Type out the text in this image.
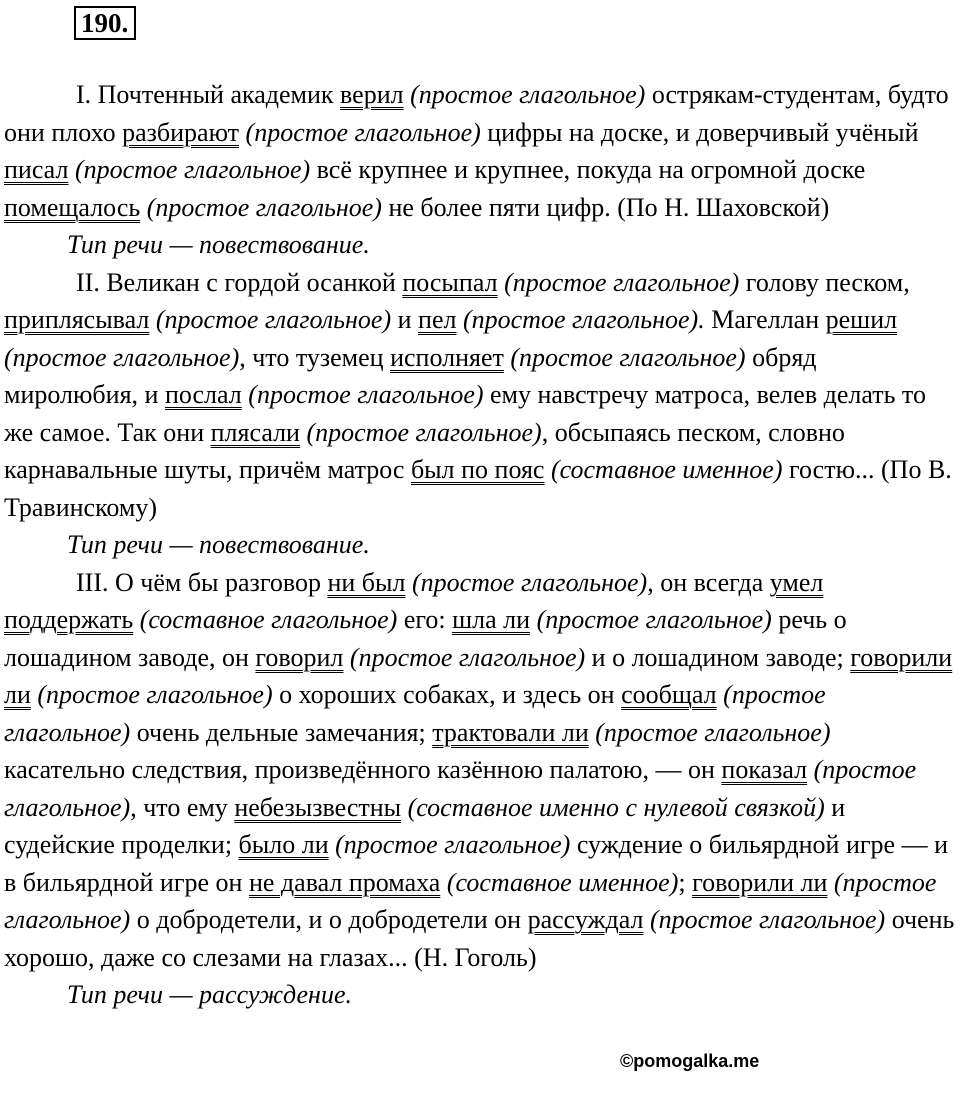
190.

I. Почтенный академик верил (простое глагольное) острякам-студентам, будто они плохо разбирают (простое глагольное) цифры на доске, и доверчивый учёный писал (простое глагольное) всё крупнее и крупнее, покуда на огромной доске помещалось (простое глагольное) не более пяти цифр. (По Н. Шаховской)

Тип речи — повествование.

II. Великан с гордой осанкой посыпал (простое глагольное) голову песком, приплясывал (простое глагольное) и пел (простое глагольное). Магеллан решил (простое глагольное), что туземец исполняет (простое глагольное) обряд миролюбия, и послал (простое глагольное) ему навстречу матроса, велев делать то же самое. Так они плясали (простое глагольное), обсыпаясь песком, словно карнавальные шуты, причём матрос был по пояс (составное именное) гостю... (По В. Травинскому)

Тип речи — повествование.

III. О чём бы разговор ни был (простое глагольное), он всегда умел поддержать (составное глагольное) его: шла ли (простое глагольное) речь о лошадином заводе, он говорил (простое глагольное) и о лошадином заводе; говорили ли (простое глагольное) о хороших собаках, и здесь он сообщал (простое глагольное) очень дельные замечания; трактовали ли (простое глагольное) касательно следствия, произведённого казённою палатою, — он показал (простое глагольное), что ему небезызвестны (составное именно с нулевой связкой) и судейские проделки; было ли (простое глагольное) суждение о бильярдной игре — и в бильярдной игре он не давал промаха (составное именное); говорили ли (простое глагольное) о добродетели, и о добродетели он рассуждал (простое глагольное) очень хорошо, даже со слезами на глазах... (Н. Гоголь)

Тип речи — рассуждение.

©pomogalka.me
